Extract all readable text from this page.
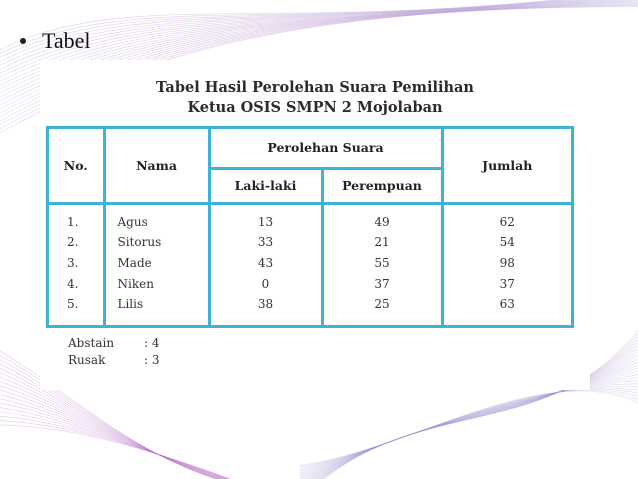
Tabel
Tabel Hasil Perolehan Suara Pemilihan
Ketua OSIS SMPN 2 Mojolaban
No.	Nama	Perolehan Suara		Jumlah
		Laki-laki	Perempuan	

1.	Agus	13	49	62
2.	Sitorus	33	21	54
3.	Made	43	55	98
4.	Niken	0	37	37
5.	Lilis	38	25	63

Abstain	: 4
Rusak	: 3
